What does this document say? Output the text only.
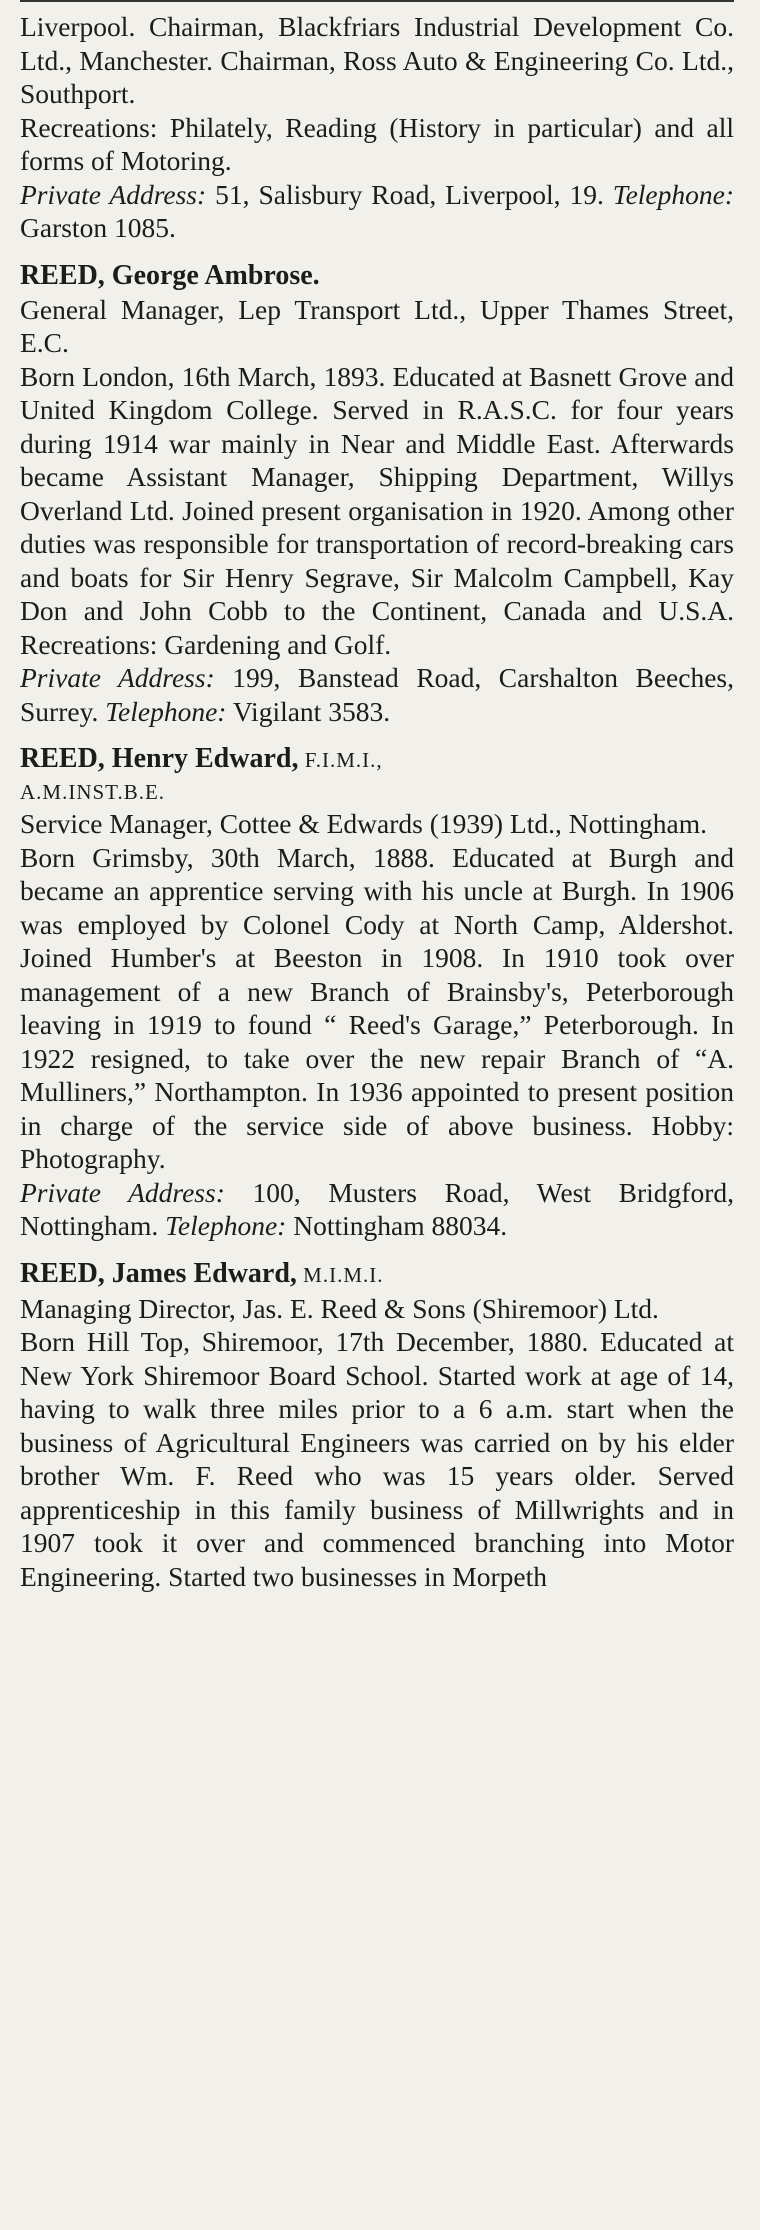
Liverpool. Chairman, Blackfriars Industrial Development Co. Ltd., Manchester. Chairman, Ross Auto & Engineering Co. Ltd., Southport.

Recreations: Philately, Reading (History in particular) and all forms of Motoring.

Private Address: 51, Salisbury Road, Liverpool, 19. Telephone: Garston 1085.

REED, George Ambrose.

General Manager, Lep Transport Ltd., Upper Thames Street, E.C.

Born London, 16th March, 1893. Educated at Basnett Grove and United Kingdom College. Served in R.A.S.C. for four years during 1914 war mainly in Near and Middle East. Afterwards became Assistant Manager, Shipping Department, Willys Overland Ltd. Joined present organisation in 1920. Among other duties was responsible for transportation of record-breaking cars and boats for Sir Henry Segrave, Sir Malcolm Campbell, Kay Don and John Cobb to the Continent, Canada and U.S.A. Recreations: Gardening and Golf.

Private Address: 199, Banstead Road, Carshalton Beeches, Surrey. Telephone: Vigilant 3583.

REED, Henry Edward, F.I.M.I.,
A.M.INST.B.E.

Service Manager, Cottee & Edwards (1939) Ltd., Nottingham.

Born Grimsby, 30th March, 1888. Educated at Burgh and became an apprentice serving with his uncle at Burgh. In 1906 was employed by Colonel Cody at North Camp, Aldershot. Joined Humber's at Beeston in 1908. In 1910 took over management of a new Branch of Brainsby's, Peterborough leaving in 1919 to found “ Reed's Garage,” Peterborough. In 1922 resigned, to take over the new repair Branch of “A. Mulliners,” Northampton. In 1936 appointed to present position in charge of the service side of above business. Hobby: Photography.

Private Address: 100, Musters Road, West Bridgford, Nottingham. Telephone: Nottingham 88034.

REED, James Edward, M.I.M.I.

Managing Director, Jas. E. Reed & Sons (Shiremoor) Ltd.

Born Hill Top, Shiremoor, 17th December, 1880. Educated at New York Shiremoor Board School. Started work at age of 14, having to walk three miles prior to a 6 a.m. start when the business of Agricultural Engineers was carried on by his elder brother Wm. F. Reed who was 15 years older. Served apprenticeship in this family business of Millwrights and in 1907 took it over and commenced branching into Motor Engineering. Started two businesses in Morpeth
